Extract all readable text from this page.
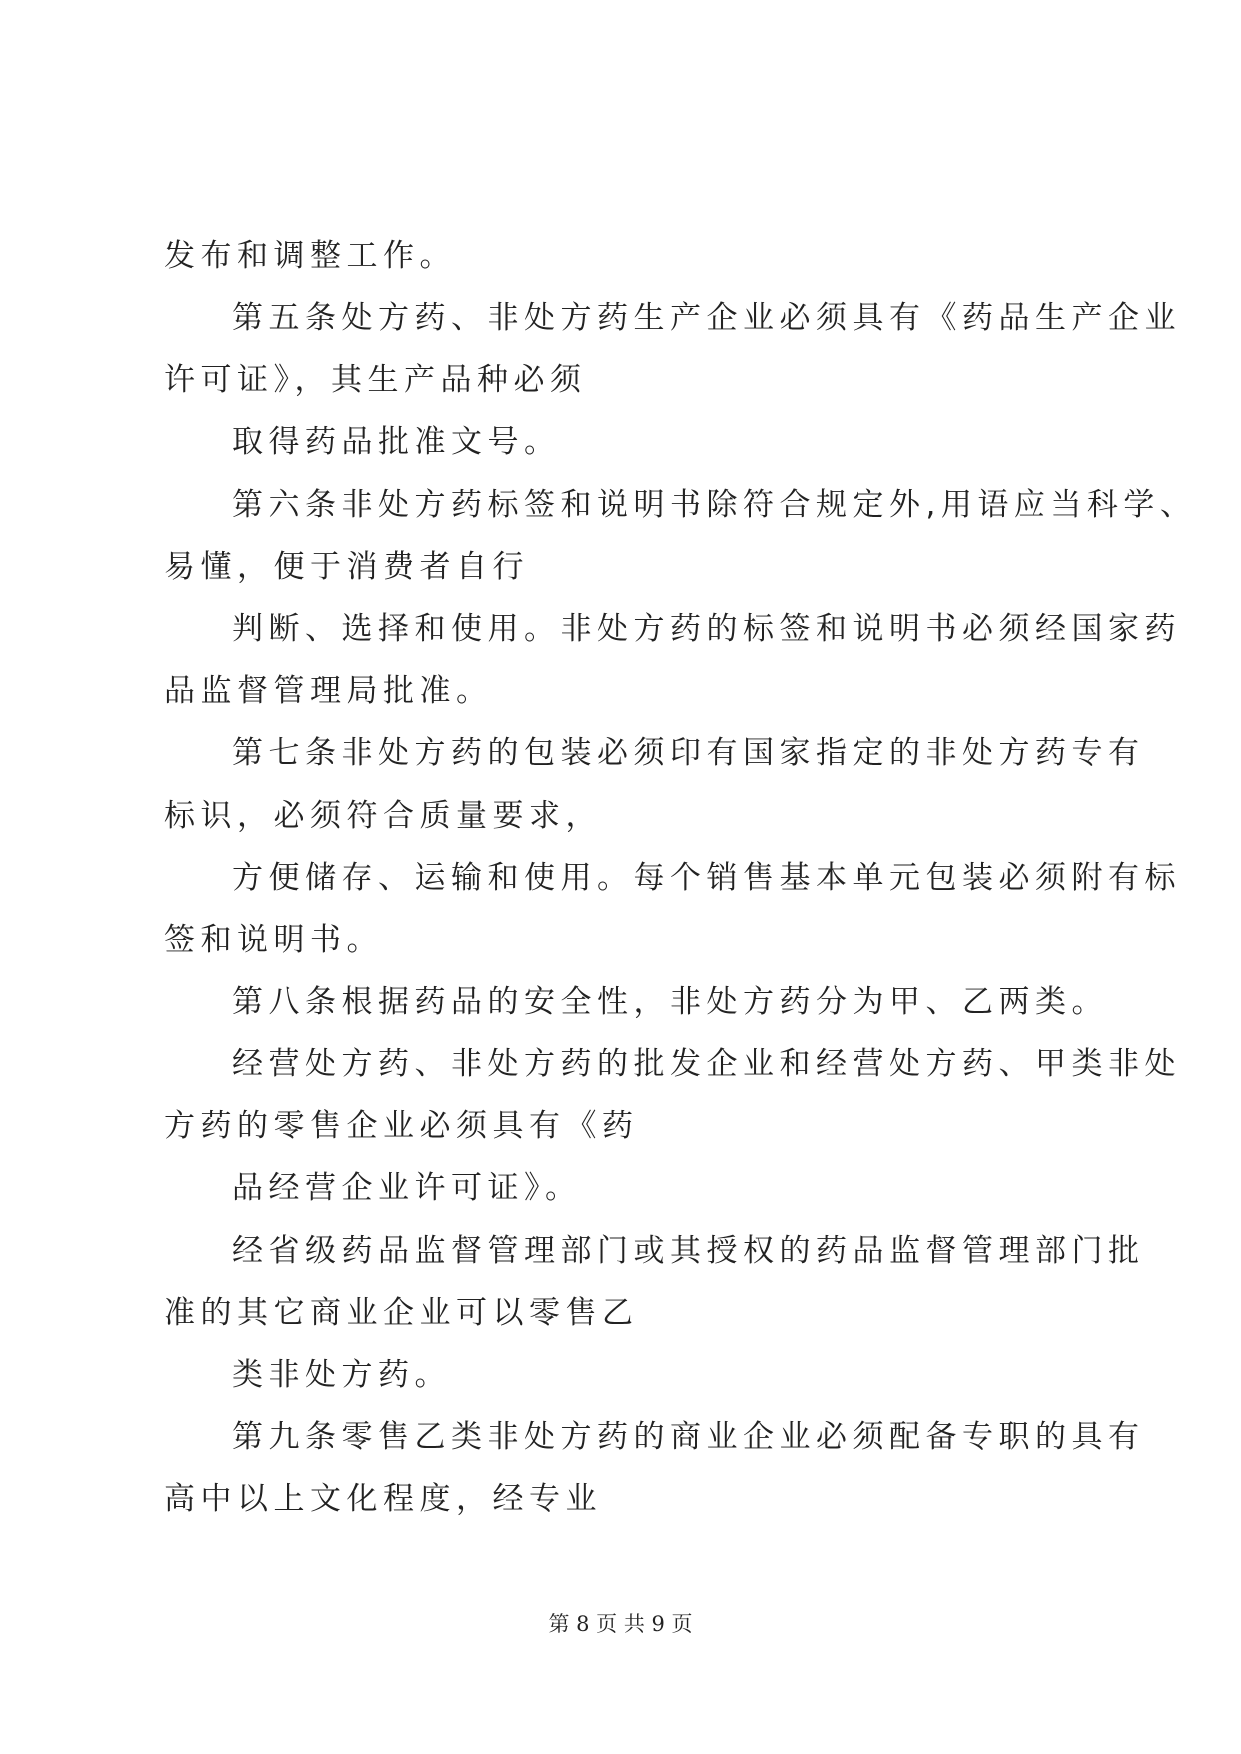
发布和调整工作。
第五条处方药、非处方药生产企业必须具有《药品生产企业
许可证》，其生产品种必须
取得药品批准文号。
第六条非处方药标签和说明书除符合规定外,用语应当科学、
易懂，便于消费者自行
判断、选择和使用。非处方药的标签和说明书必须经国家药
品监督管理局批准。
第七条非处方药的包装必须印有国家指定的非处方药专有
标识，必须符合质量要求，
方便储存、运输和使用。每个销售基本单元包装必须附有标
签和说明书。
第八条根据药品的安全性，非处方药分为甲、乙两类。
经营处方药、非处方药的批发企业和经营处方药、甲类非处
方药的零售企业必须具有《药
品经营企业许可证》。
经省级药品监督管理部门或其授权的药品监督管理部门批
准的其它商业企业可以零售乙
类非处方药。
第九条零售乙类非处方药的商业企业必须配备专职的具有
高中以上文化程度，经专业
第 8 页 共 9 页
